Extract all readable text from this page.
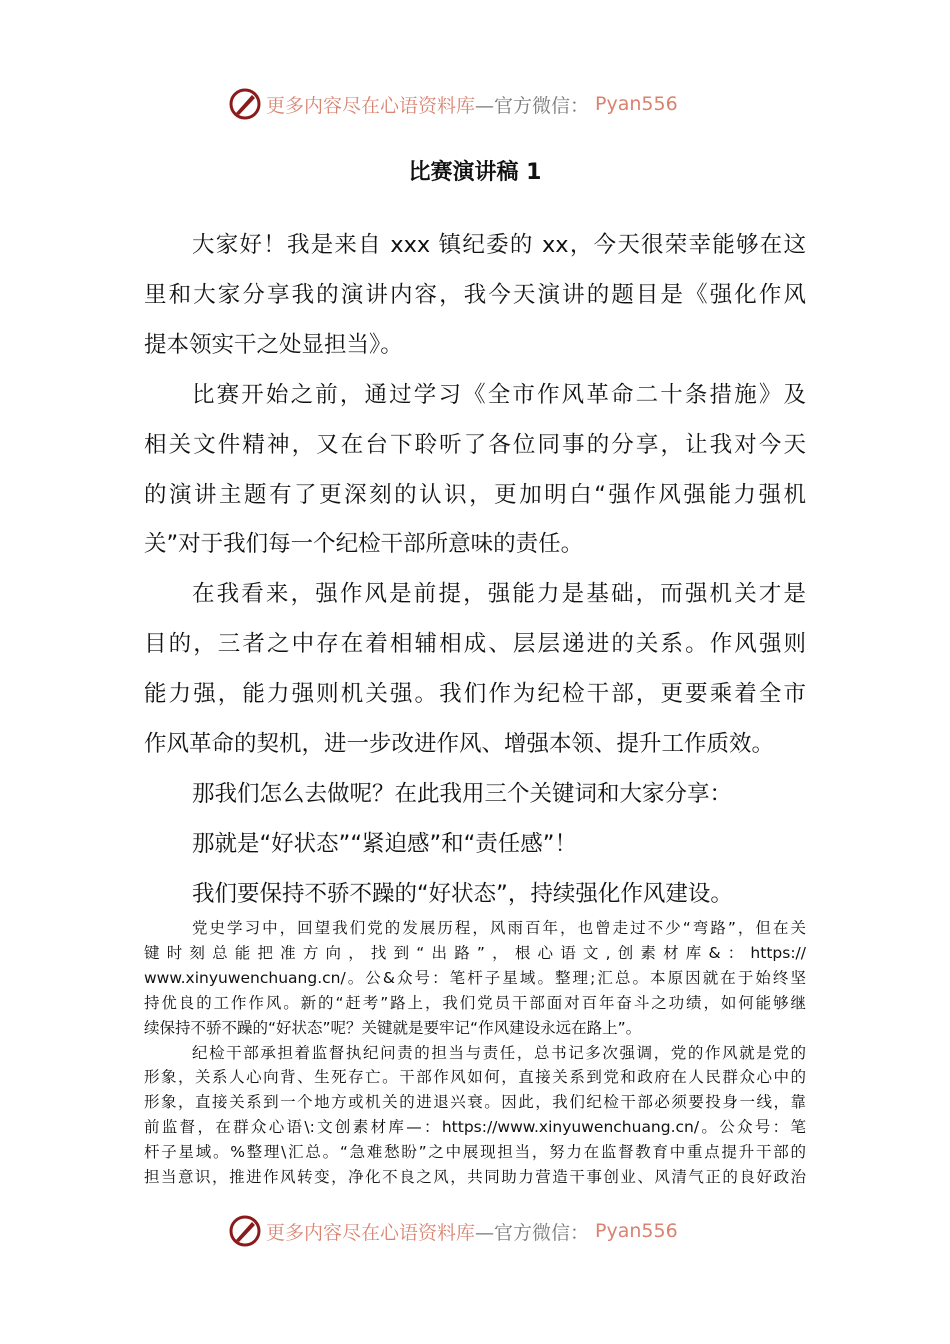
更多内容尽在心语资料库 —官方微信： Pyan556
比赛演讲稿 1
大家好！我是来自 xxx 镇纪委的 xx，今天很荣幸能够在这
里和大家分享我的演讲内容，我今天演讲的题目是《强化作风
提本领实干之处显担当》。
比赛开始之前，通过学习《全市作风革命二十条措施》及
相关文件精神，又在台下聆听了各位同事的分享，让我对今天
的演讲主题有了更深刻的认识，更加明白“强作风强能力强机
关”对于我们每一个纪检干部所意味的责任。
在我看来，强作风是前提，强能力是基础，而强机关才是
目的，三者之中存在着相辅相成、层层递进的关系。作风强则
能力强，能力强则机关强。我们作为纪检干部，更要乘着全市
作风革命的契机，进一步改进作风、增强本领、提升工作质效。
那我们怎么去做呢？在此我用三个关键词和大家分享：
那就是“好状态”“紧迫感”和“责任感”！
我们要保持不骄不躁的“好状态”，持续强化作风建设。
党史学习中，回望我们党的发展历程，风雨百年，也曾走过不少“弯路”，但在关
键时刻总能把准方向，找到“出路”，根心语文,创素材库&：https://
www.xinyuwenchuang.cn/。公&众号：笔杆子星域。整理;汇总。本原因就在于始终坚
持优良的工作作风。新的“赶考”路上，我们党员干部面对百年奋斗之功绩，如何能够继
续保持不骄不躁的“好状态”呢？关键就是要牢记“作风建设永远在路上”。
纪检干部承担着监督执纪问责的担当与责任，总书记多次强调，党的作风就是党的
形象，关系人心向背、生死存亡。干部作风如何，直接关系到党和政府在人民群众心中的
形象，直接关系到一个地方或机关的进退兴衰。因此，我们纪检干部必须要投身一线，靠
前监督，在群众心语\:文创素材库—：https://www.xinyuwenchuang.cn/。公众号：笔
杆子星域。%整理\汇总。“急难愁盼”之中展现担当，努力在监督教育中重点提升干部的
担当意识，推进作风转变，净化不良之风，共同助力营造干事创业、风清气正的良好政治
更多内容尽在心语资料库 —官方微信： Pyan556
